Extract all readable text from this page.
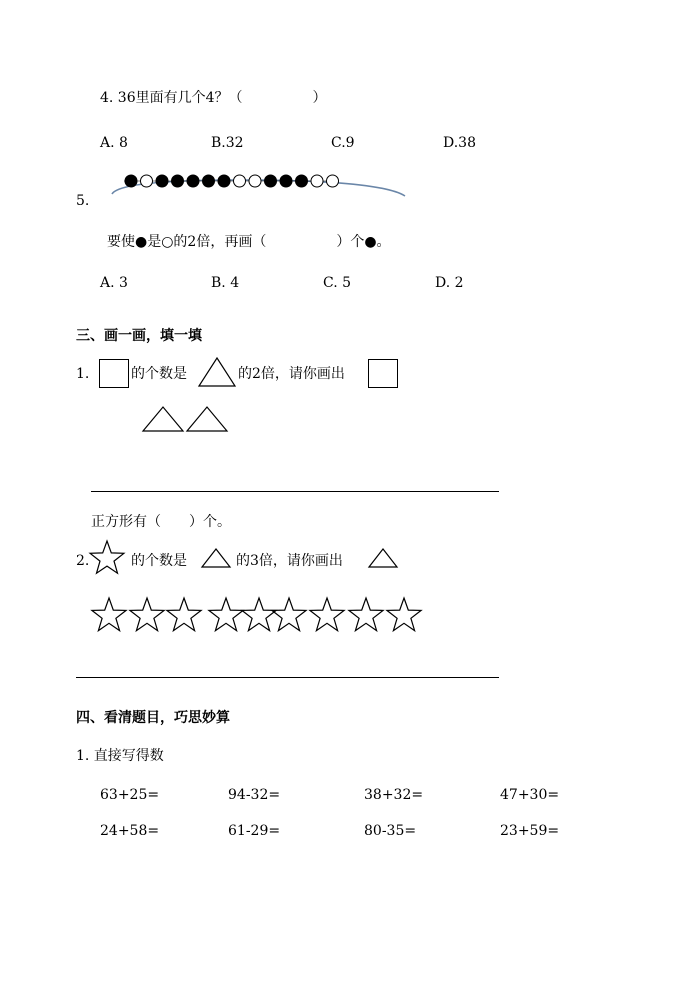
4. 36里面有几个4？（　　　　　）
A. 8	B.32	C.9	D.38
5.
要使●是○的2倍，再画（　　　　　）个●。
A. 3	B. 4	C. 5	D. 2
三、画一画，填一填
1.	的个数是	的2倍，请你画出
正方形有（　　）个。
2.	的个数是	的3倍，请你画出
四、看清题目，巧思妙算
1. 直接写得数
63+25=	94-32=	38+32=	47+30=
24+58=	61-29=	80-35=	23+59=
